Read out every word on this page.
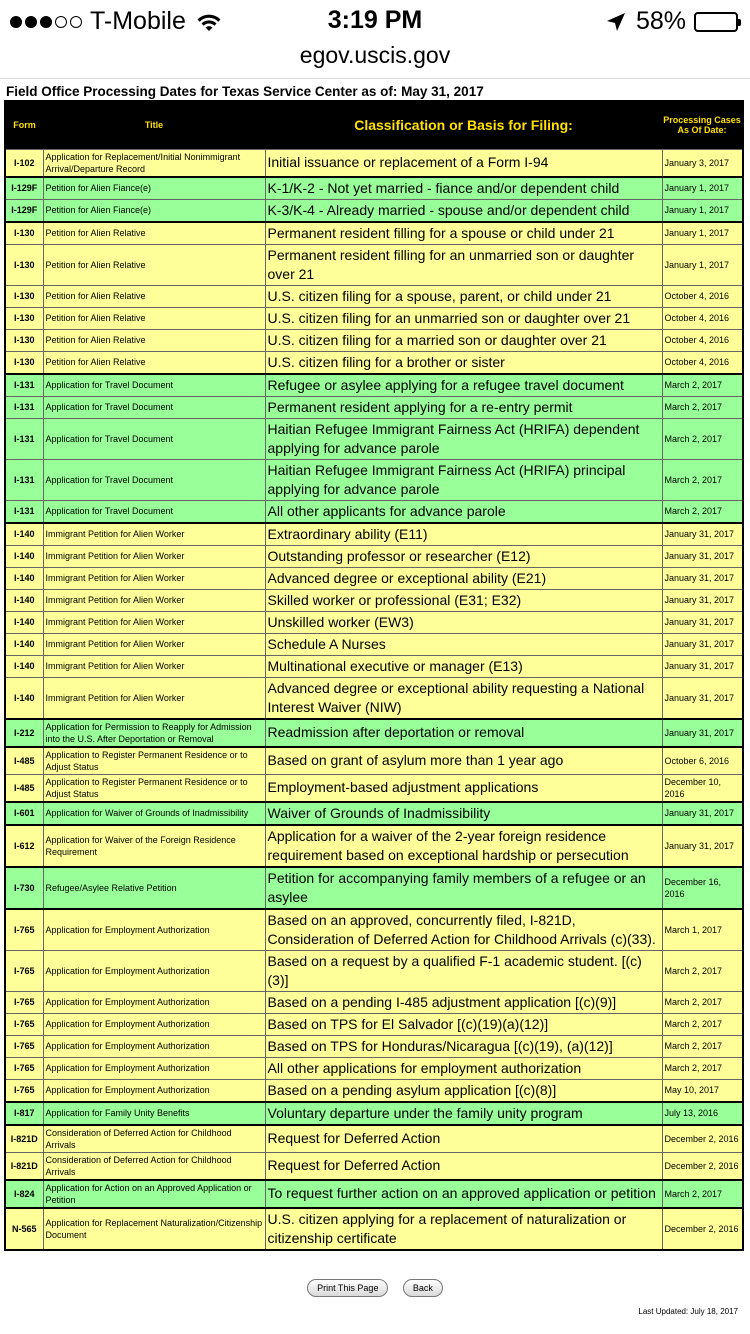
T-Mobile	3:19 PM	58%
egov.uscis.gov
Field Office Processing Dates for Texas Service Center as of: May 31, 2017
Form	Title	Classification or Basis for Filing:	Processing Cases As Of Date:
I-102	Application for Replacement/Initial Nonimmigrant Arrival/Departure Record	Initial issuance or replacement of a Form I-94	January 3, 2017
I-129F	Petition for Alien Fiance(e)	K-1/K-2 - Not yet married - fiance and/or dependent child	January 1, 2017
I-129F	Petition for Alien Fiance(e)	K-3/K-4 - Already married - spouse and/or dependent child	January 1, 2017
I-130	Petition for Alien Relative	Permanent resident filling for a spouse or child under 21	January 1, 2017
I-130	Petition for Alien Relative	Permanent resident filling for an unmarried son or daughter over 21	January 1, 2017
I-130	Petition for Alien Relative	U.S. citizen filing for a spouse, parent, or child under 21	October 4, 2016
I-130	Petition for Alien Relative	U.S. citizen filing for an unmarried son or daughter over 21	October 4, 2016
I-130	Petition for Alien Relative	U.S. citizen filing for a married son or daughter over 21	October 4, 2016
I-130	Petition for Alien Relative	U.S. citizen filing for a brother or sister	October 4, 2016
I-131	Application for Travel Document	Refugee or asylee applying for a refugee travel document	March 2, 2017
I-131	Application for Travel Document	Permanent resident applying for a re-entry permit	March 2, 2017
I-131	Application for Travel Document	Haitian Refugee Immigrant Fairness Act (HRIFA) dependent applying for advance parole	March 2, 2017
I-131	Application for Travel Document	Haitian Refugee Immigrant Fairness Act (HRIFA) principal applying for advance parole	March 2, 2017
I-131	Application for Travel Document	All other applicants for advance parole	March 2, 2017
I-140	Immigrant Petition for Alien Worker	Extraordinary ability (E11)	January 31, 2017
I-140	Immigrant Petition for Alien Worker	Outstanding professor or researcher (E12)	January 31, 2017
I-140	Immigrant Petition for Alien Worker	Advanced degree or exceptional ability (E21)	January 31, 2017
I-140	Immigrant Petition for Alien Worker	Skilled worker or professional (E31; E32)	January 31, 2017
I-140	Immigrant Petition for Alien Worker	Unskilled worker (EW3)	January 31, 2017
I-140	Immigrant Petition for Alien Worker	Schedule A Nurses	January 31, 2017
I-140	Immigrant Petition for Alien Worker	Multinational executive or manager (E13)	January 31, 2017
I-140	Immigrant Petition for Alien Worker	Advanced degree or exceptional ability requesting a National Interest Waiver (NIW)	January 31, 2017
I-212	Application for Permission to Reapply for Admission into the U.S. After Deportation or Removal	Readmission after deportation or removal	January 31, 2017
I-485	Application to Register Permanent Residence or to Adjust Status	Based on grant of asylum more than 1 year ago	October 6, 2016
I-485	Application to Register Permanent Residence or to Adjust Status	Employment-based adjustment applications	December 10, 2016
I-601	Application for Waiver of Grounds of Inadmissibility	Waiver of Grounds of Inadmissibility	January 31, 2017
I-612	Application for Waiver of the Foreign Residence Requirement	Application for a waiver of the 2-year foreign residence requirement based on exceptional hardship or persecution	January 31, 2017
I-730	Refugee/Asylee Relative Petition	Petition for accompanying family members of a refugee or an asylee	December 16, 2016
I-765	Application for Employment Authorization	Based on an approved, concurrently filed, I-821D, Consideration of Deferred Action for Childhood Arrivals (c)(33).	March 1, 2017
I-765	Application for Employment Authorization	Based on a request by a qualified F-1 academic student. [(c)(3)]	March 2, 2017
I-765	Application for Employment Authorization	Based on a pending I-485 adjustment application [(c)(9)]	March 2, 2017
I-765	Application for Employment Authorization	Based on TPS for El Salvador [(c)(19)(a)(12)]	March 2, 2017
I-765	Application for Employment Authorization	Based on TPS for Honduras/Nicaragua [(c)(19), (a)(12)]	March 2, 2017
I-765	Application for Employment Authorization	All other applications for employment authorization	March 2, 2017
I-765	Application for Employment Authorization	Based on a pending asylum application [(c)(8)]	May 10, 2017
I-817	Application for Family Unity Benefits	Voluntary departure under the family unity program	July 13, 2016
I-821D	Consideration of Deferred Action for Childhood Arrivals	Request for Deferred Action	December 2, 2016
I-821D	Consideration of Deferred Action for Childhood Arrivals	Request for Deferred Action	December 2, 2016
I-824	Application for Action on an Approved Application or Petition	To request further action on an approved application or petition	March 2, 2017
N-565	Application for Replacement Naturalization/Citizenship Document	U.S. citizen applying for a replacement of naturalization or citizenship certificate	December 2, 2016
Print This Page	Back
Last Updated: July 18, 2017
